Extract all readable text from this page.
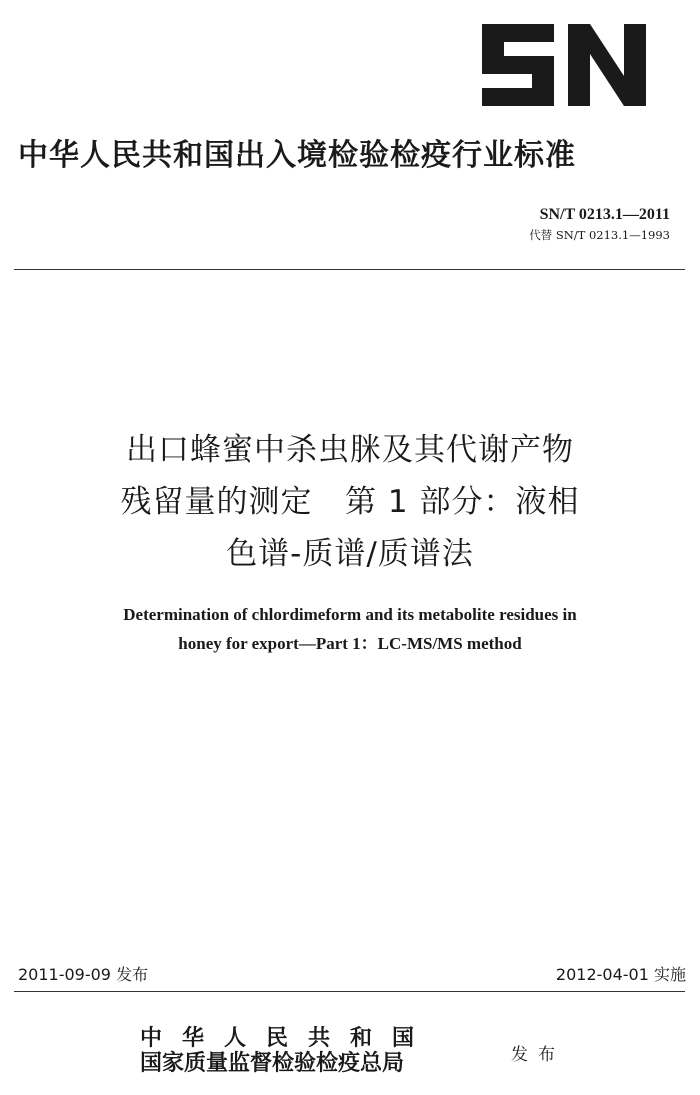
中华人民共和国出入境检验检疫行业标准
SN/T 0213.1—2011
代替 SN/T 0213.1—1993
出口蜂蜜中杀虫脒及其代谢产物
残留量的测定   第 1 部分：液相
色谱-质谱/质谱法
Determination of chlordimeform and its metabolite residues in
honey for export—Part 1：LC-MS/MS method
2011-09-09 发布	2012-04-01 实施
中华人民共和国
国家质量监督检验检疫总局	发布
